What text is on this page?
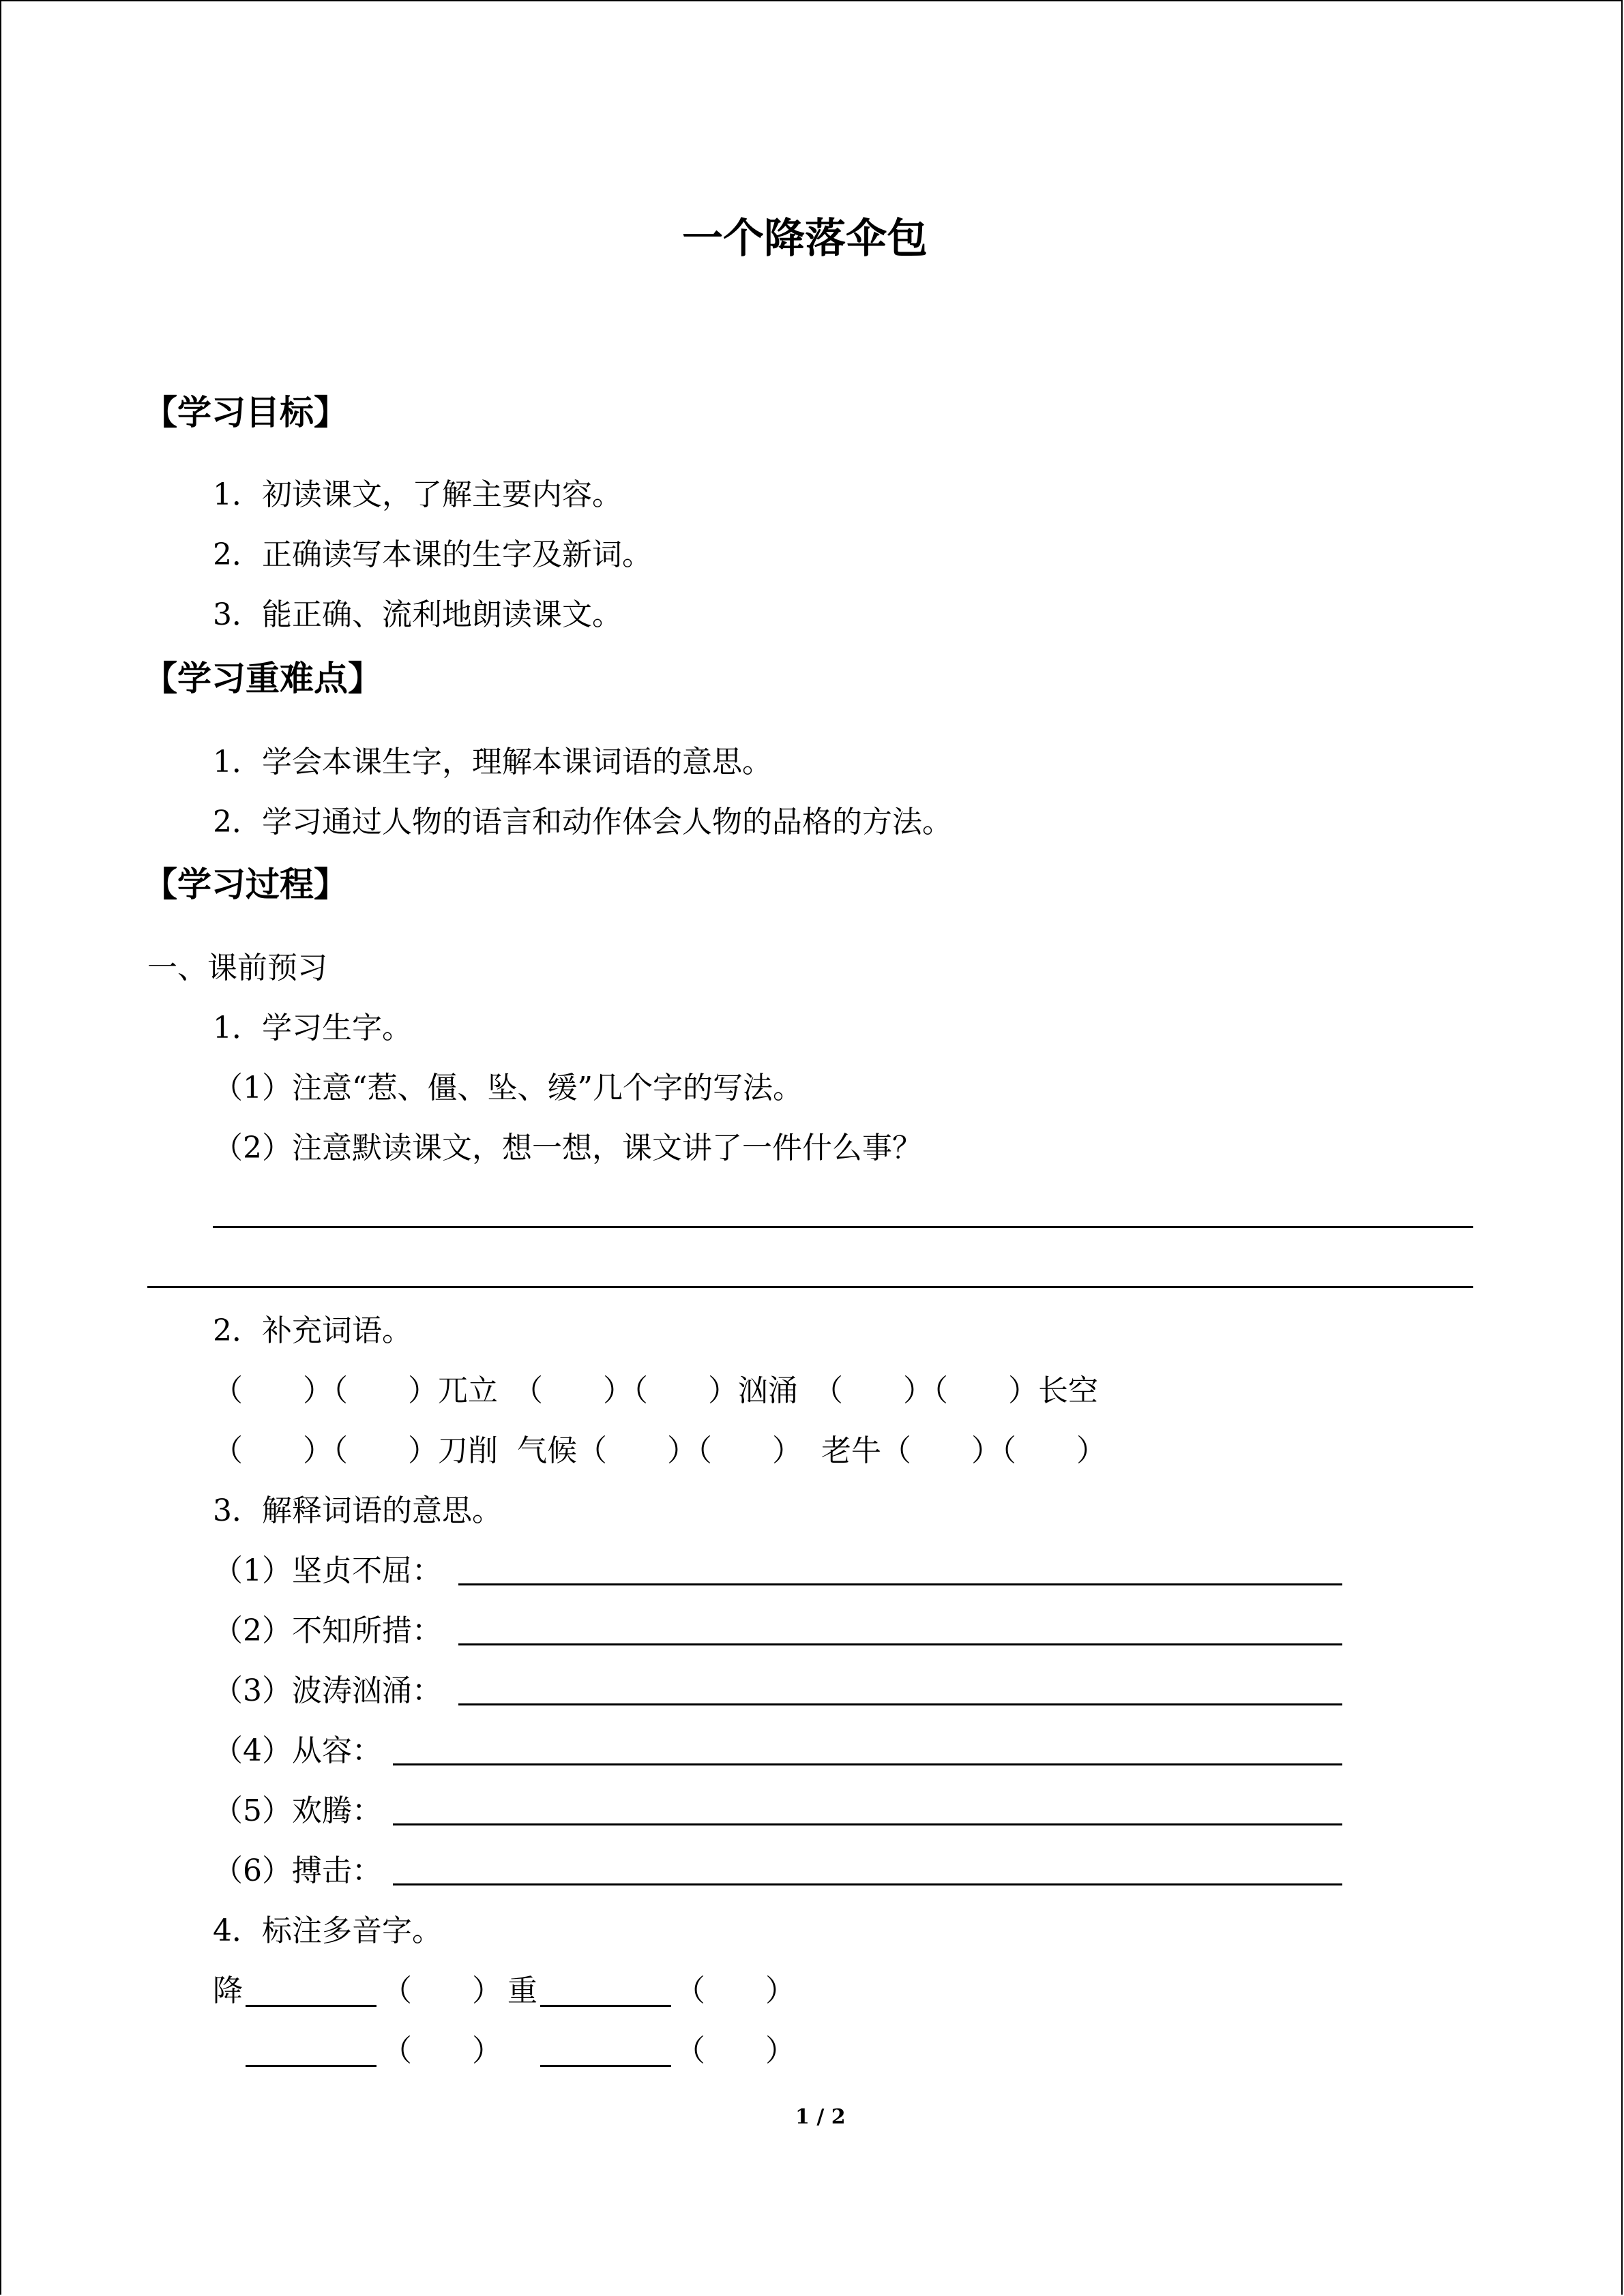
一个降落伞包
【学习目标】
1．初读课文，了解主要内容。
2．正确读写本课的生字及新词。
3．能正确、流利地朗读课文。
【学习重难点】
1．学会本课生字，理解本课词语的意思。
2．学习通过人物的语言和动作体会人物的品格的方法。
【学习过程】
一、课前预习
1．学习生字。
（1）注意“惹、僵、坠、缓”几个字的写法。
（2）注意默读课文，想一想，课文讲了一件什么事？
2．补充词语。
（　　）（　　）兀立　（　　）（　　）汹涌　（　　）（　　）长空
（　　）（　　）刀削  气候（　　）（　　）  老牛（　　）（　　）
3．解释词语的意思。
（1）坚贞不屈：
（2）不知所措：
（3）波涛汹涌：
（4）从容：
（5）欢腾：
（6）搏击：
4．标注多音字。
降	（　　） 重	（　　）
（　　）	（　　）
1 / 2
